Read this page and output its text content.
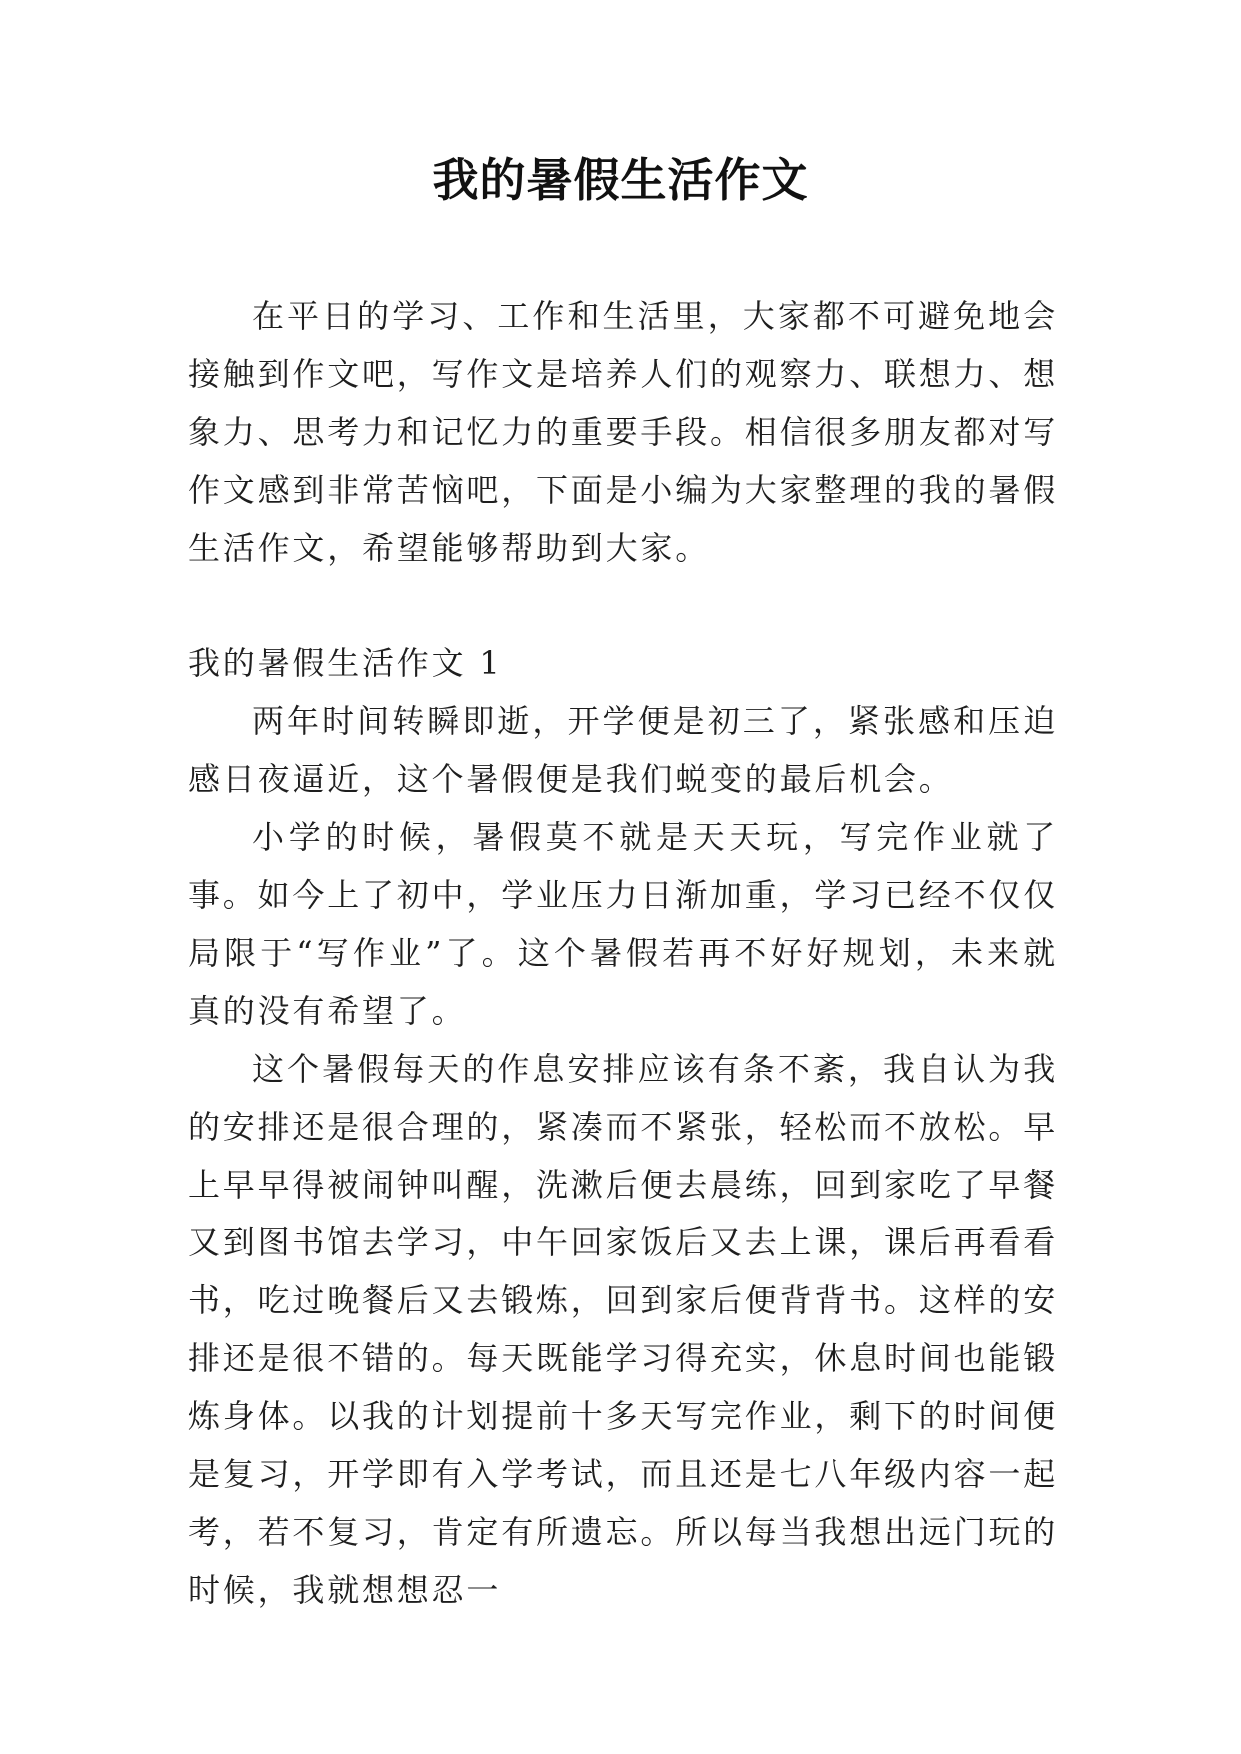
我的暑假生活作文

在平日的学习、工作和生活里，大家都不可避免地会接触到作文吧，写作文是培养人们的观察力、联想力、想象力、思考力和记忆力的重要手段。相信很多朋友都对写作文感到非常苦恼吧，下面是小编为大家整理的我的暑假生活作文，希望能够帮助到大家。

我的暑假生活作文 1

两年时间转瞬即逝，开学便是初三了，紧张感和压迫感日夜逼近，这个暑假便是我们蜕变的最后机会。

小学的时候，暑假莫不就是天天玩，写完作业就了事。如今上了初中，学业压力日渐加重，学习已经不仅仅局限于“写作业”了。这个暑假若再不好好规划，未来就真的没有希望了。

这个暑假每天的作息安排应该有条不紊，我自认为我的安排还是很合理的，紧凑而不紧张，轻松而不放松。早上早早得被闹钟叫醒，洗漱后便去晨练，回到家吃了早餐又到图书馆去学习，中午回家饭后又去上课，课后再看看书，吃过晚餐后又去锻炼，回到家后便背背书。这样的安排还是很不错的。每天既能学习得充实，休息时间也能锻炼身体。以我的计划提前十多天写完作业，剩下的时间便是复习，开学即有入学考试，而且还是七八年级内容一起考，若不复习，肯定有所遗忘。所以每当我想出远门玩的时候，我就想想忍一
